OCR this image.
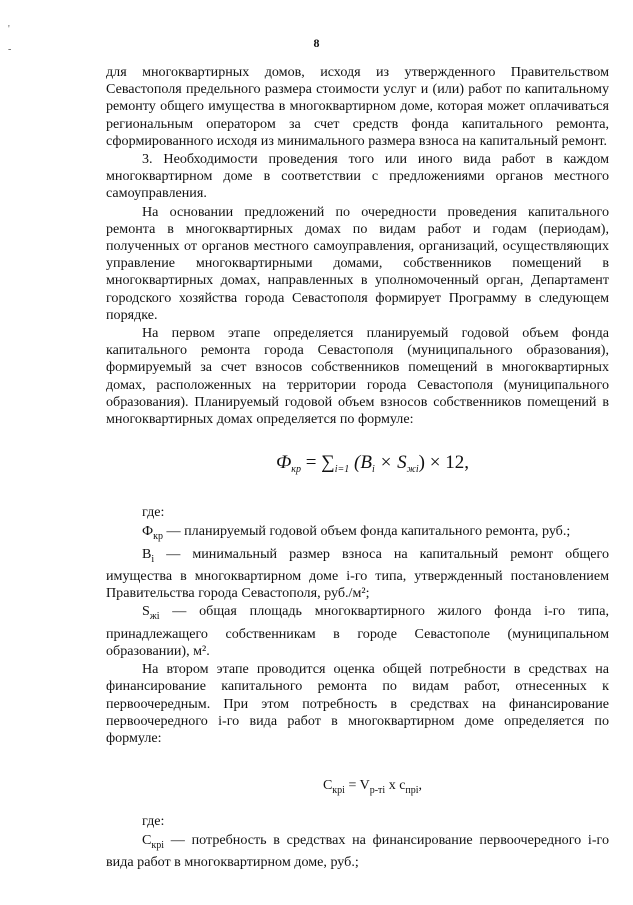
8
'
-

для многоквартирных домов, исходя из утвержденного Правительством Севастополя предельного размера стоимости услуг и (или) работ по капитальному ремонту общего имущества в многоквартирном доме, которая может оплачиваться региональным оператором за счет средств фонда капитального ремонта, сформированного исходя из минимального размера взноса на капитальный ремонт.

3. Необходимости проведения того или иного вида работ в каждом многоквартирном доме в соответствии с предложениями органов местного самоуправления.

На основании предложений по очередности проведения капитального ремонта в многоквартирных домах по видам работ и годам (периодам), полученных от органов местного самоуправления, организаций, осуществляющих управление многоквартирными домами, собственников помещений в многоквартирных домах, направленных в уполномоченный орган, Департамент городского хозяйства города Севастополя формирует Программу в следующем порядке.

На первом этапе определяется планируемый годовой объем фонда капитального ремонта города Севастополя (муниципального образования), формируемый за счет взносов собственников помещений в многоквартирных домах, расположенных на территории города Севастополя (муниципального образования). Планируемый годовой объем взносов собственников помещений в многоквартирных домах определяется по формуле:

$Ф_{кр} = \sum_{i=1}$ $(B_i \times S_{жi}) \times 12$,

где:

$Ф_{кр}$ — планируемый годовой объем фонда капитального ремонта, руб.;

$B_i$ — минимальный размер взноса на капитальный ремонт общего имущества в многоквартирном доме i-го типа, утвержденный постановлением Правительства города Севастополя, руб./м²;

$S_{жi}$ — общая площадь многоквартирного жилого фонда i-го типа, принадлежащего собственникам в городе Севастополе (муниципальном образовании), м².

На втором этапе проводится оценка общей потребности в средствах на финансирование капитального ремонта по видам работ, отнесенных к первоочередным. При этом потребность в средствах на финансирование первоочередного i-го вида работ в многоквартирном доме определяется по формуле:

$С_{крi} = V_{р-тi}$ x $c_{прi}$,

где:

$С_{крi}$ — потребность в средствах на финансирование первоочередного i-го вида работ в многоквартирном доме, руб.;
